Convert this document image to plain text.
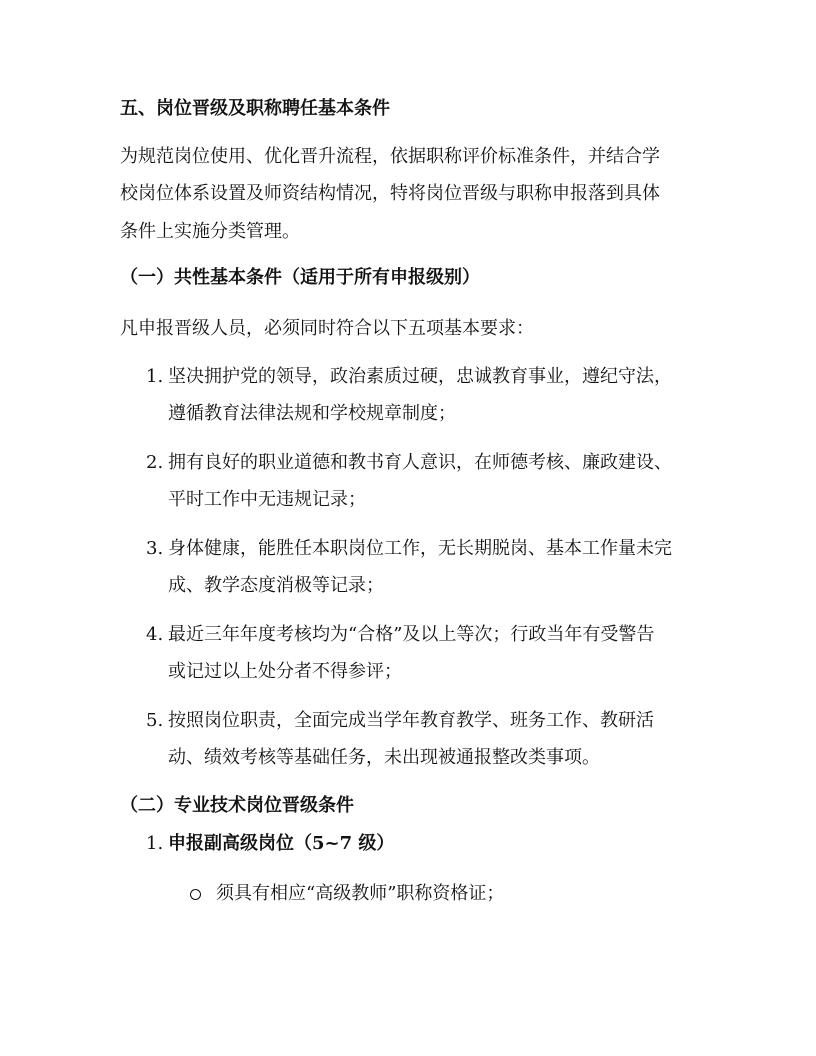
五、岗位晋级及职称聘任基本条件
为规范岗位使用、优化晋升流程，依据职称评价标准条件，并结合学
校岗位体系设置及师资结构情况，特将岗位晋级与职称申报落到具体
条件上实施分类管理。
（一）共性基本条件（适用于所有申报级别）
凡申报晋级人员，必须同时符合以下五项基本要求：
1. 坚决拥护党的领导，政治素质过硬，忠诚教育事业，遵纪守法，
遵循教育法律法规和学校规章制度；
2. 拥有良好的职业道德和教书育人意识，在师德考核、廉政建设、
平时工作中无违规记录；
3. 身体健康，能胜任本职岗位工作，无长期脱岗、基本工作量未完
成、教学态度消极等记录；
4. 最近三年年度考核均为“合格”及以上等次；行政当年有受警告
或记过以上处分者不得参评；
5. 按照岗位职责，全面完成当学年教育教学、班务工作、教研活
动、绩效考核等基础任务，未出现被通报整改类事项。
（二）专业技术岗位晋级条件
1. 申报副高级岗位（5~7 级）
须具有相应“高级教师”职称资格证；
